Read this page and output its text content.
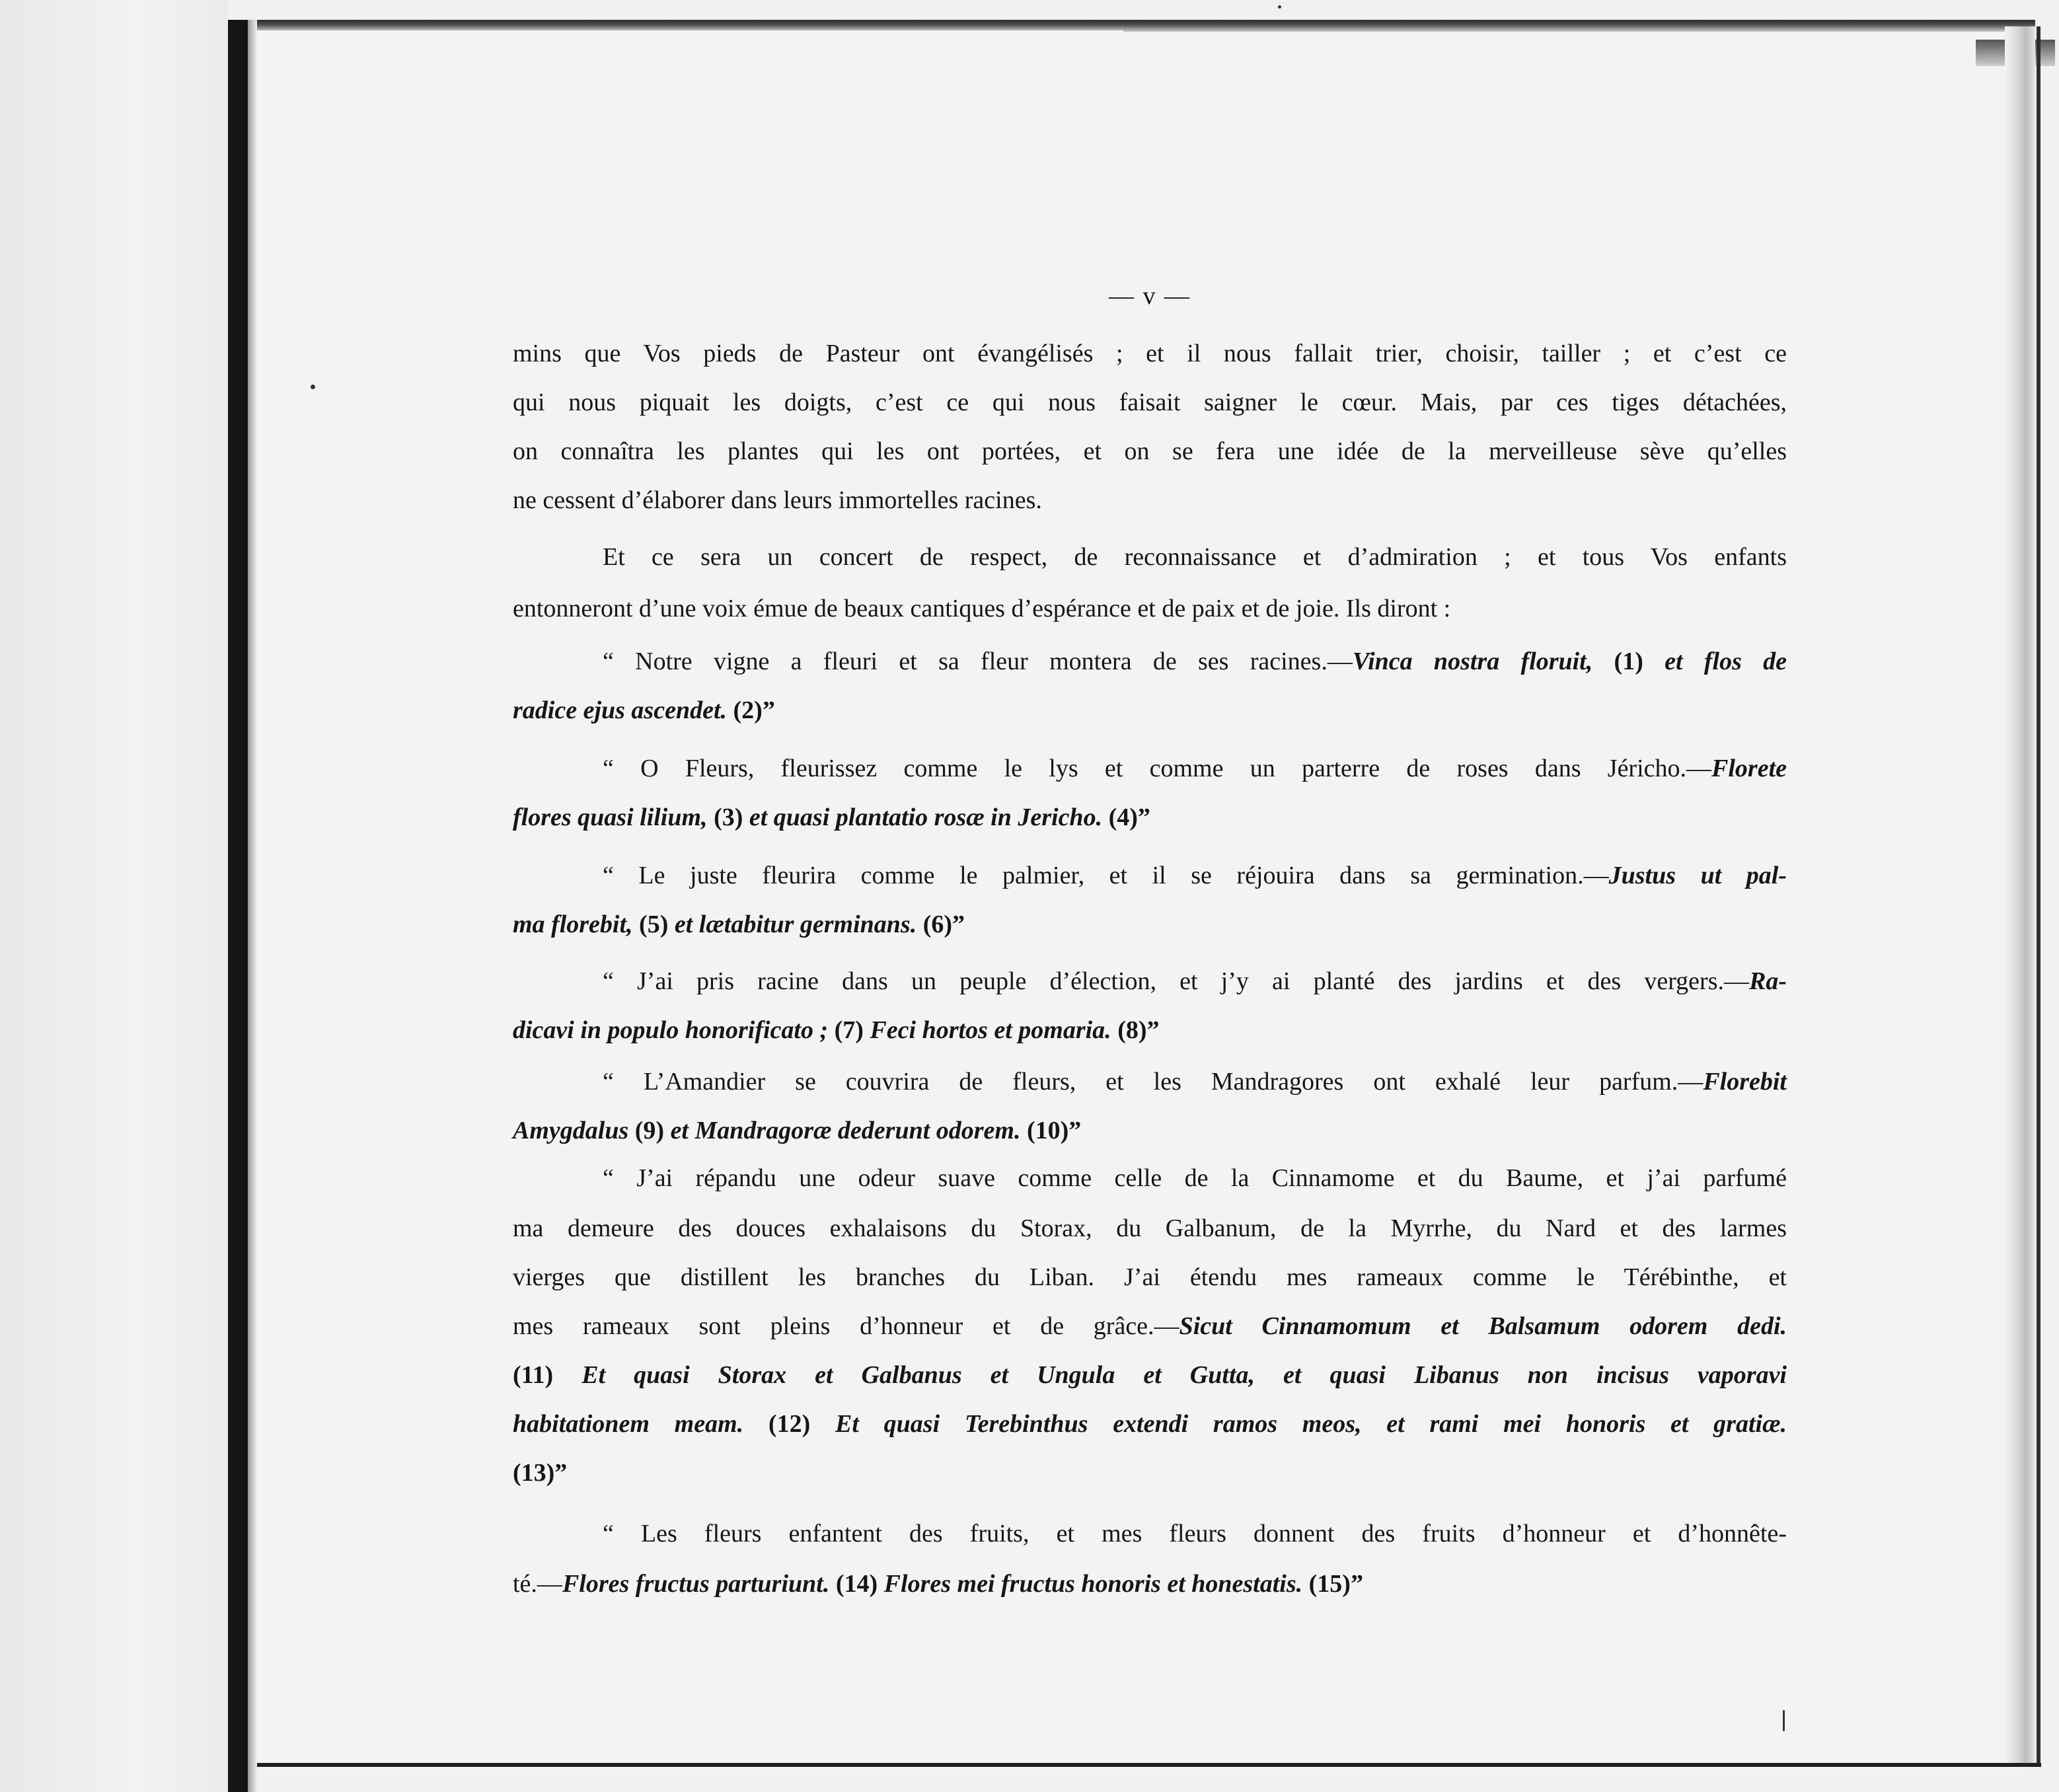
— v —
mins que Vos pieds de Pasteur ont évangélisés ; et il nous fallait trier, choisir, tailler ; et c’est ce
qui nous piquait les doigts, c’est ce qui nous faisait saigner le cœur. Mais, par ces tiges détachées,
on connaîtra les plantes qui les ont portées, et on se fera une idée de la merveilleuse sève qu’elles
ne cessent d’élaborer dans leurs immortelles racines.
Et ce sera un concert de respect, de reconnaissance et d’admiration ; et tous Vos enfants
entonneront d’une voix émue de beaux cantiques d’espérance et de paix et de joie. Ils diront :
“ Notre vigne a fleuri et sa fleur montera de ses racines.—Vinca nostra floruit, (1) et flos de
radice ejus ascendet. (2)”
“ O Fleurs, fleurissez comme le lys et comme un parterre de roses dans Jéricho.—Florete
flores quasi lilium, (3) et quasi plantatio rosæ in Jericho. (4)”
“ Le juste fleurira comme le palmier, et il se réjouira dans sa germination.—Justus ut pal-
ma florebit, (5) et lætabitur germinans. (6)”
“ J’ai pris racine dans un peuple d’élection, et j’y ai planté des jardins et des vergers.—Ra-
dicavi in populo honorificato ; (7) Feci hortos et pomaria. (8)”
“ L’Amandier se couvrira de fleurs, et les Mandragores ont exhalé leur parfum.—Florebit
Amygdalus (9) et Mandragoræ dederunt odorem. (10)”
“ J’ai répandu une odeur suave comme celle de la Cinnamome et du Baume, et j’ai parfumé
ma demeure des douces exhalaisons du Storax, du Galbanum, de la Myrrhe, du Nard et des larmes
vierges que distillent les branches du Liban. J’ai étendu mes rameaux comme le Térébinthe, et
mes rameaux sont pleins d’honneur et de grâce.—Sicut Cinnamomum et Balsamum odorem dedi.
(11) Et quasi Storax et Galbanus et Ungula et Gutta, et quasi Libanus non incisus vaporavi
habitationem meam. (12) Et quasi Terebinthus extendi ramos meos, et rami mei honoris et gratiæ.
(13)”
“ Les fleurs enfantent des fruits, et mes fleurs donnent des fruits d’honneur et d’honnête-
té.—Flores fructus parturiunt. (14) Flores mei fructus honoris et honestatis. (15)”
